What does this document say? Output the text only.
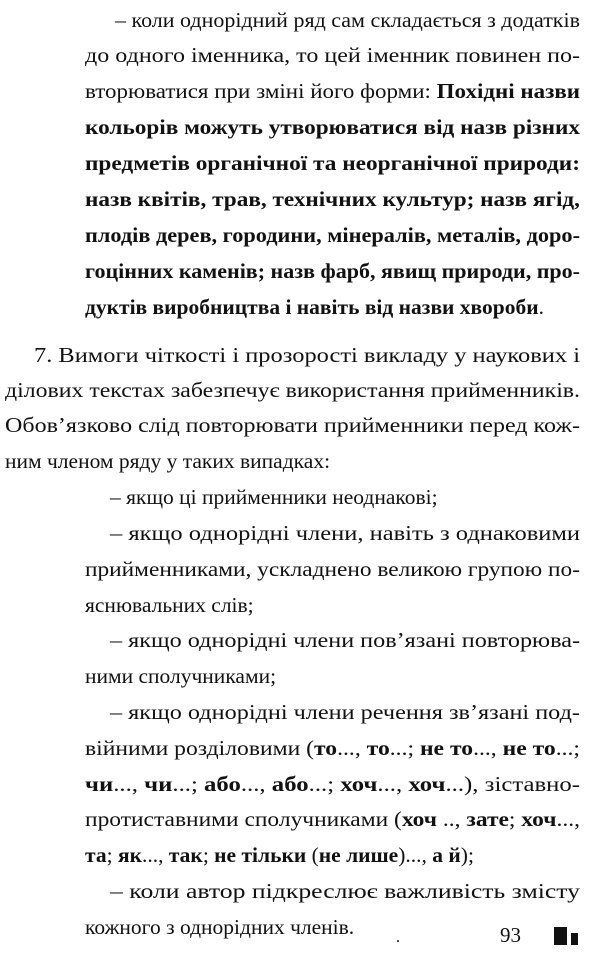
– коли однорідний ряд сам складається з додатків
до одного іменника, то цей іменник повинен по-
вторюватися при зміні його форми: Похідні назви
кольорів можуть утворюватися від назв різних
предметів органічної та неорганічної природи:
назв квітів, трав, технічних культур; назв ягід,
плодів дерев, городини, мінералів, металів, доро-
гоцінних каменів; назв фарб, явищ природи, про-
дуктів виробництва і навіть від назви хвороби.
7. Вимоги чіткості і прозорості викладу у наукових і
ділових текстах забезпечує використання прийменників.
Обов’язково слід повторювати прийменники перед кож-
ним членом ряду у таких випадках:
– якщо ці прийменники неоднакові;
– якщо однорідні члени, навіть з однаковими
прийменниками, ускладнено великою групою по-
яснювальних слів;
– якщо однорідні члени пов’язані повторюва-
ними сполучниками;
– якщо однорідні члени речення зв’язані под-
війними розділовими (то..., то...; не то..., не то...;
чи..., чи...; або..., або...; хоч..., хоч...), зіставно-
протиставними сполучниками (хоч .., зате; хоч...,
та; як..., так; не тільки (не лише)..., а й);
– коли автор підкреслює важливість змісту
кожного з однорідних членів.	93
